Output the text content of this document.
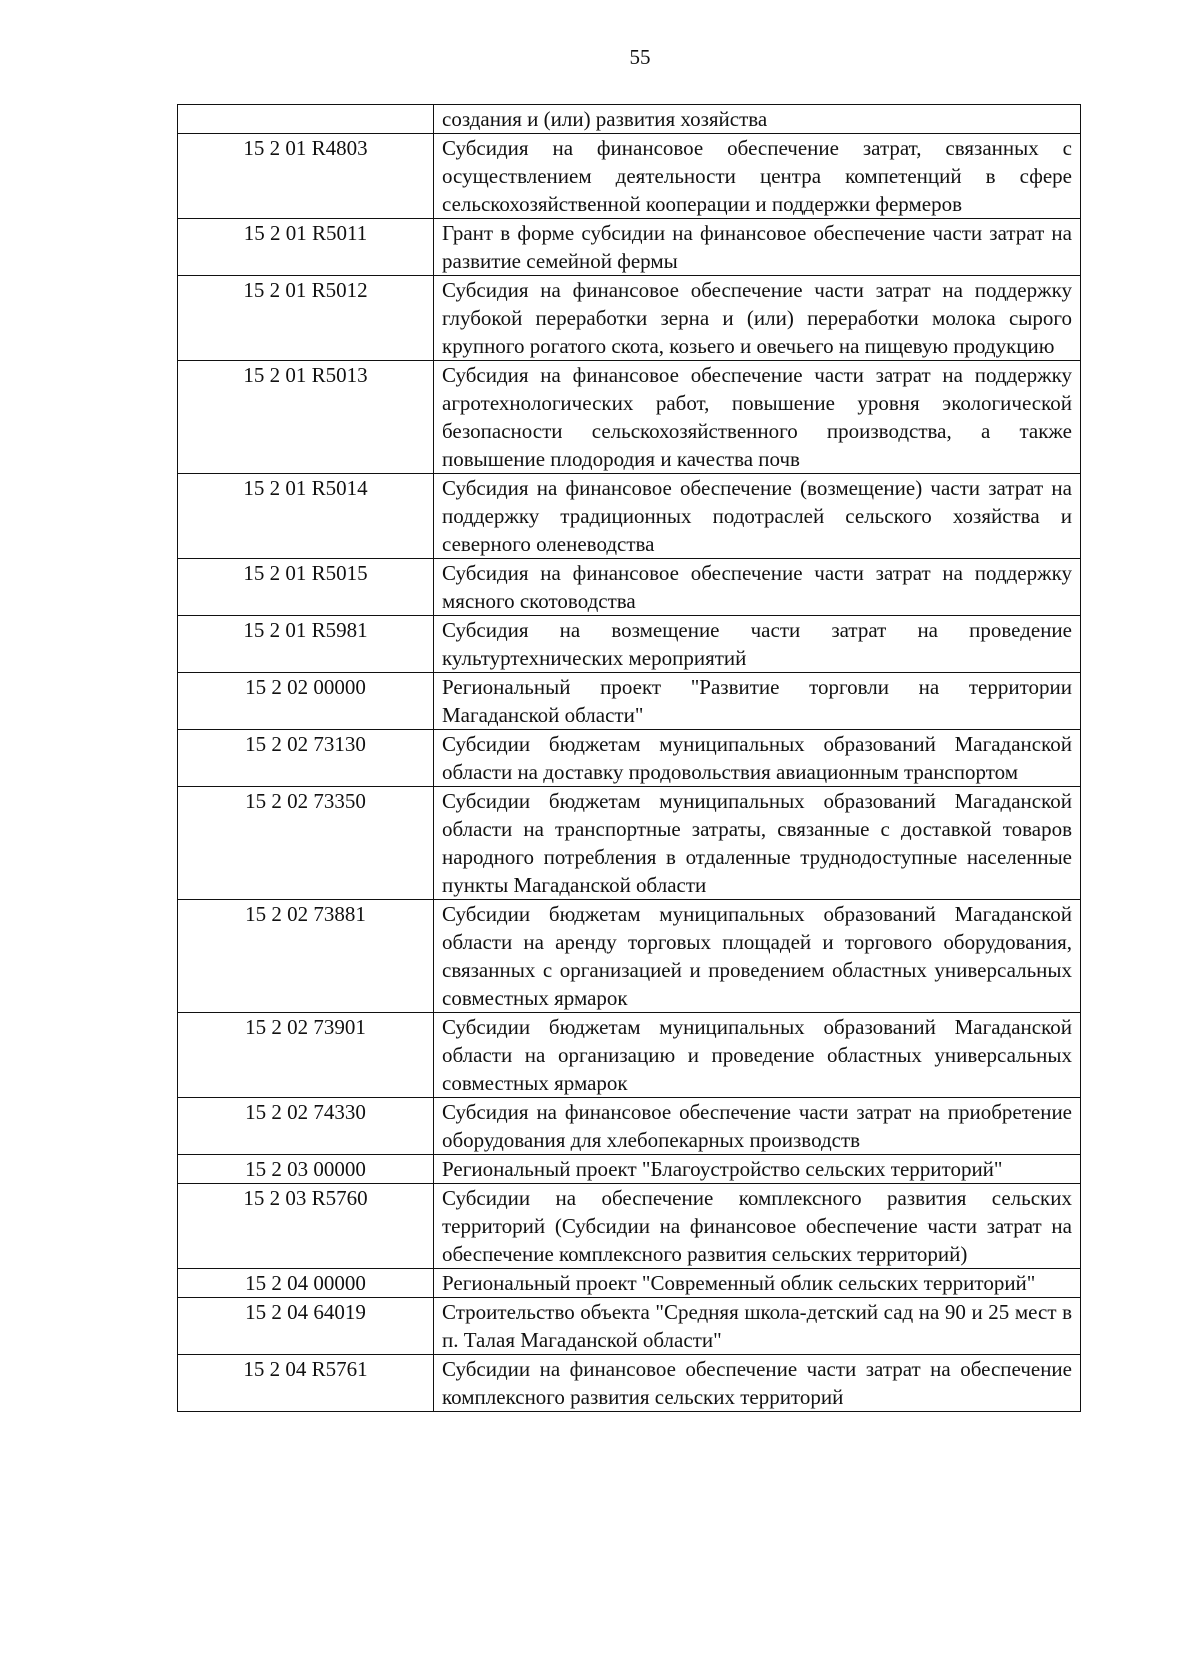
55
	создания и (или) развития хозяйства
15 2 01 R4803	Субсидия на финансовое обеспечение затрат, связанных с осуществлением деятельности центра компетенций в сфере сельскохозяйственной кооперации и поддержки фермеров
15 2 01 R5011	Грант в форме субсидии на финансовое обеспечение части затрат на развитие семейной фермы
15 2 01 R5012	Субсидия на финансовое обеспечение части затрат на поддержку глубокой переработки зерна и (или) переработки молока сырого крупного рогатого скота, козьего и овечьего на пищевую продукцию
15 2 01 R5013	Субсидия на финансовое обеспечение части затрат на поддержку агротехнологических работ, повышение уровня экологической безопасности сельскохозяйственного производства, а также повышение плодородия и качества почв
15 2 01 R5014	Субсидия на финансовое обеспечение (возмещение) части затрат на поддержку традиционных подотраслей сельского хозяйства и северного оленеводства
15 2 01 R5015	Субсидия на финансовое обеспечение части затрат на поддержку мясного скотоводства
15 2 01 R5981	Субсидия на возмещение части затрат на проведение культуртехнических мероприятий
15 2 02 00000	Региональный проект "Развитие торговли на территории Магаданской области"
15 2 02 73130	Субсидии бюджетам муниципальных образований Магаданской области на доставку продовольствия авиационным транспортом
15 2 02 73350	Субсидии бюджетам муниципальных образований Магаданской области на транспортные затраты, связанные с доставкой товаров народного потребления в отдаленные труднодоступные населенные пункты Магаданской области
15 2 02 73881	Субсидии бюджетам муниципальных образований Магаданской области на аренду торговых площадей и торгового оборудования, связанных с организацией и проведением областных универсальных совместных ярмарок
15 2 02 73901	Субсидии бюджетам муниципальных образований Магаданской области на организацию и проведение областных универсальных совместных ярмарок
15 2 02 74330	Субсидия на финансовое обеспечение части затрат на приобретение оборудования для хлебопекарных производств
15 2 03 00000	Региональный проект "Благоустройство сельских территорий"
15 2 03 R5760	Субсидии на обеспечение комплексного развития сельских территорий (Субсидии на финансовое обеспечение части затрат на обеспечение комплексного развития сельских территорий)
15 2 04 00000	Региональный проект "Современный облик сельских территорий"
15 2 04 64019	Строительство объекта "Средняя школа-детский сад на 90 и 25 мест в п. Талая Магаданской области"
15 2 04 R5761	Субсидии на финансовое обеспечение части затрат на обеспечение комплексного развития сельских территорий
